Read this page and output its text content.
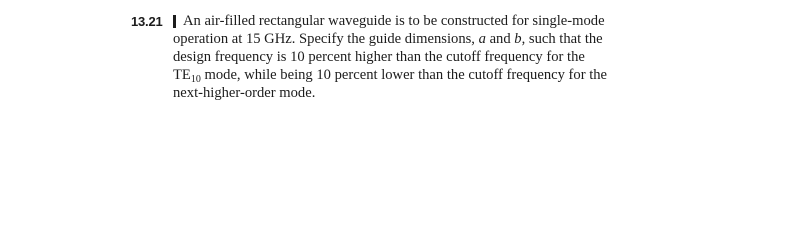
13.21 An air-filled rectangular waveguide is to be constructed for single-mode
operation at 15 GHz. Specify the guide dimensions, a and b, such that the
design frequency is 10 percent higher than the cutoff frequency for the
$TE_{10}$ mode, while being 10 percent lower than the cutoff frequency for the
next-higher-order mode.
